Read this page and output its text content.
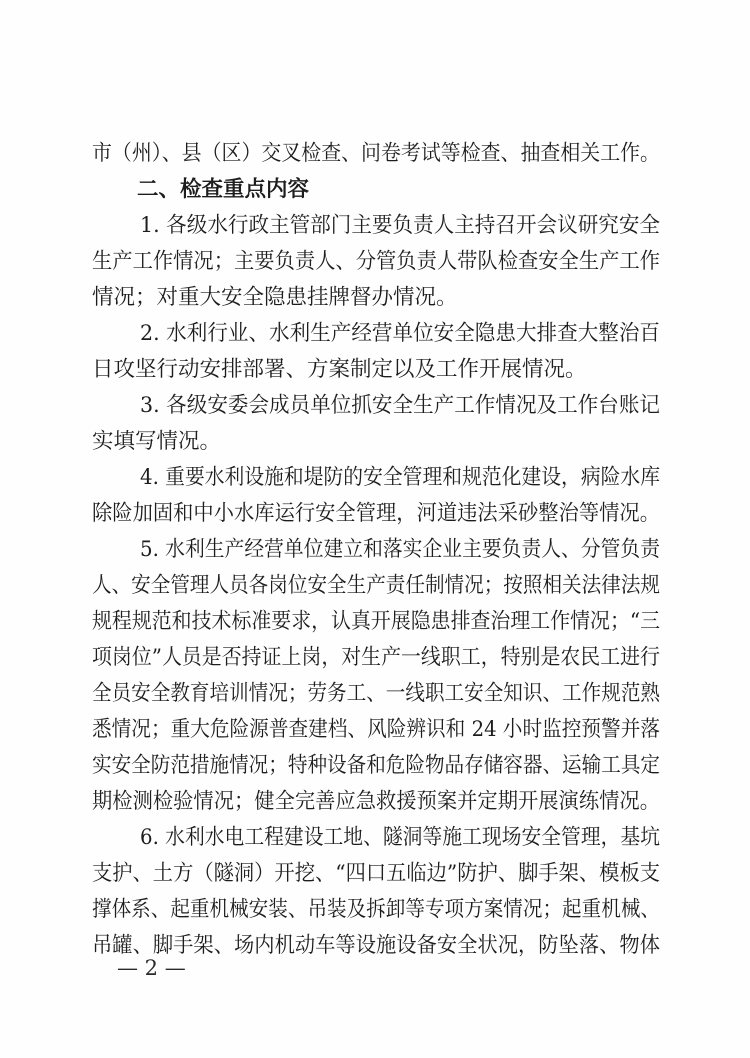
市（州）、县（区）交叉检查、问卷考试等检查、抽查相关工作。

二、检查重点内容

1. 各级水行政主管部门主要负责人主持召开会议研究安全

生产工作情况；主要负责人、分管负责人带队检查安全生产工作

情况；对重大安全隐患挂牌督办情况。

2. 水利行业、水利生产经营单位安全隐患大排查大整治百

日攻坚行动安排部署、方案制定以及工作开展情况。

3. 各级安委会成员单位抓安全生产工作情况及工作台账记

实填写情况。

4. 重要水利设施和堤防的安全管理和规范化建设，病险水库

除险加固和中小水库运行安全管理，河道违法采砂整治等情况。

5. 水利生产经营单位建立和落实企业主要负责人、分管负责

人、安全管理人员各岗位安全生产责任制情况；按照相关法律法规

规程规范和技术标准要求，认真开展隐患排查治理工作情况；“三

项岗位”人员是否持证上岗，对生产一线职工，特别是农民工进行

全员安全教育培训情况；劳务工、一线职工安全知识、工作规范熟

悉情况；重大危险源普查建档、风险辨识和 24 小时监控预警并落

实安全防范措施情况；特种设备和危险物品存储容器、运输工具定

期检测检验情况；健全完善应急救援预案并定期开展演练情况。

6. 水利水电工程建设工地、隧洞等施工现场安全管理，基坑

支护、土方（隧洞）开挖、“四口五临边”防护、脚手架、模板支

撑体系、起重机械安装、吊装及拆卸等专项方案情况；起重机械、

吊罐、脚手架、场内机动车等设施设备安全状况，防坠落、物体

— 2 —
